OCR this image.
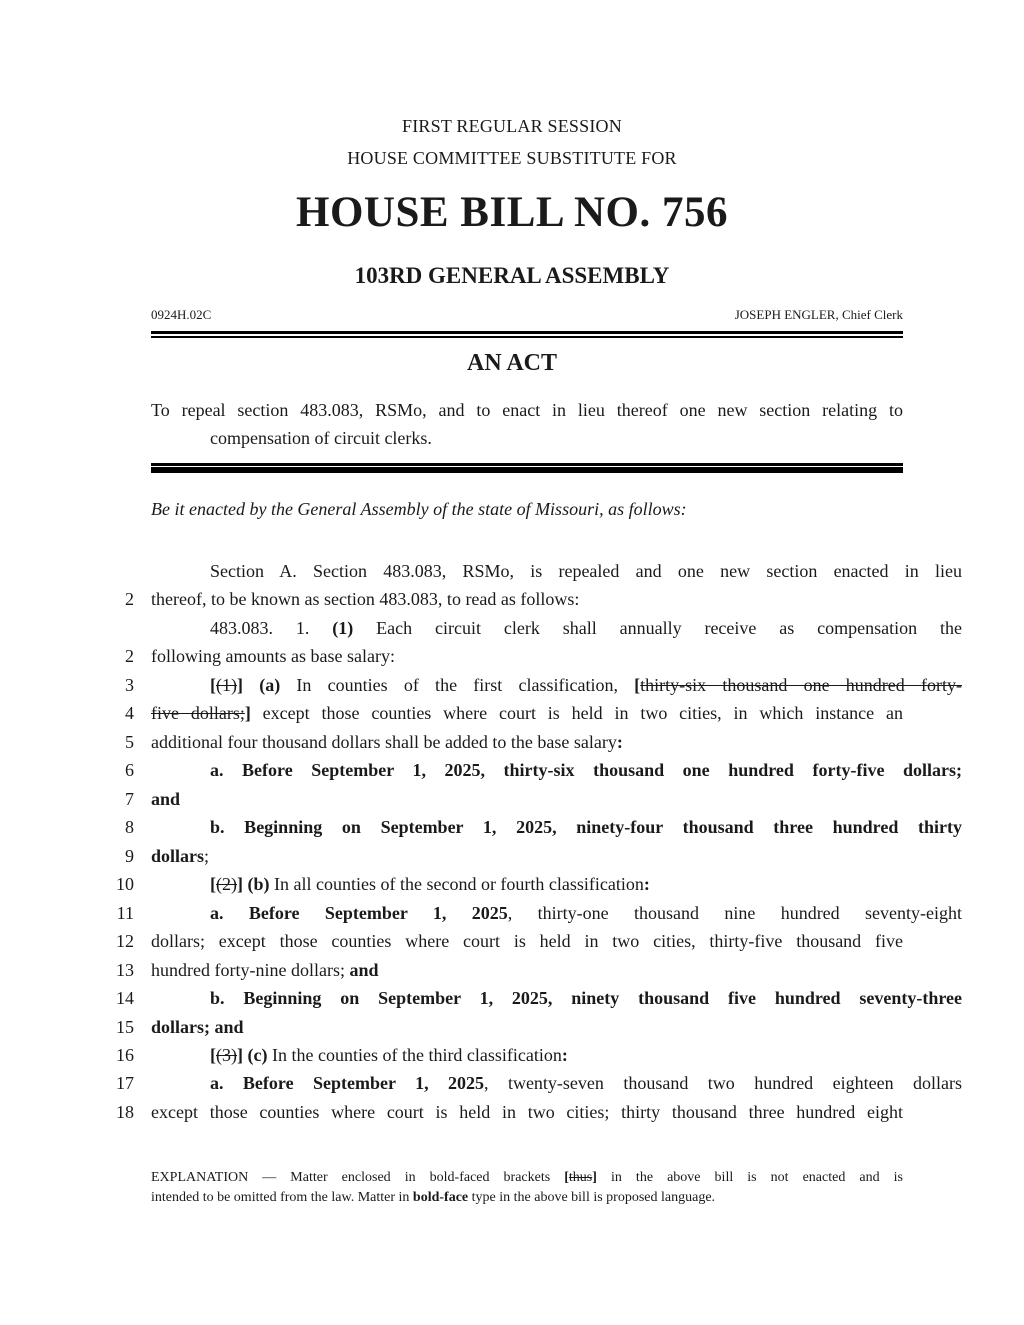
FIRST REGULAR SESSION
HOUSE COMMITTEE SUBSTITUTE FOR
HOUSE BILL NO. 756
103RD GENERAL ASSEMBLY
0924H.02C	JOSEPH ENGLER, Chief Clerk
AN ACT
To repeal section 483.083, RSMo, and to enact in lieu thereof one new section relating to
compensation of circuit clerks.
Be it enacted by the General Assembly of the state of Missouri, as follows:
Section A. Section 483.083, RSMo, is repealed and one new section enacted in lieu
2 thereof, to be known as section 483.083, to read as follows:
483.083. 1. (1) Each circuit clerk shall annually receive as compensation the
2 following amounts as base salary:
3	[(1)] (a) In counties of the first classification, [thirty-six thousand one hundred forty-
4 five dollars;] except those counties where court is held in two cities, in which instance an
5 additional four thousand dollars shall be added to the base salary:
6	a. Before September 1, 2025, thirty-six thousand one hundred forty-five dollars;
7 and
8	b. Beginning on September 1, 2025, ninety-four thousand three hundred thirty
9 dollars;
10	[(2)] (b) In all counties of the second or fourth classification:
11	a. Before September 1, 2025, thirty-one thousand nine hundred seventy-eight
12 dollars; except those counties where court is held in two cities, thirty-five thousand five
13 hundred forty-nine dollars; and
14	b. Beginning on September 1, 2025, ninety thousand five hundred seventy-three
15 dollars; and
16	[(3)] (c) In the counties of the third classification:
17	a. Before September 1, 2025, twenty-seven thousand two hundred eighteen dollars
18 except those counties where court is held in two cities; thirty thousand three hundred eight
EXPLANATION — Matter enclosed in bold-faced brackets [thus] in the above bill is not enacted and is
intended to be omitted from the law. Matter in bold-face type in the above bill is proposed language.
